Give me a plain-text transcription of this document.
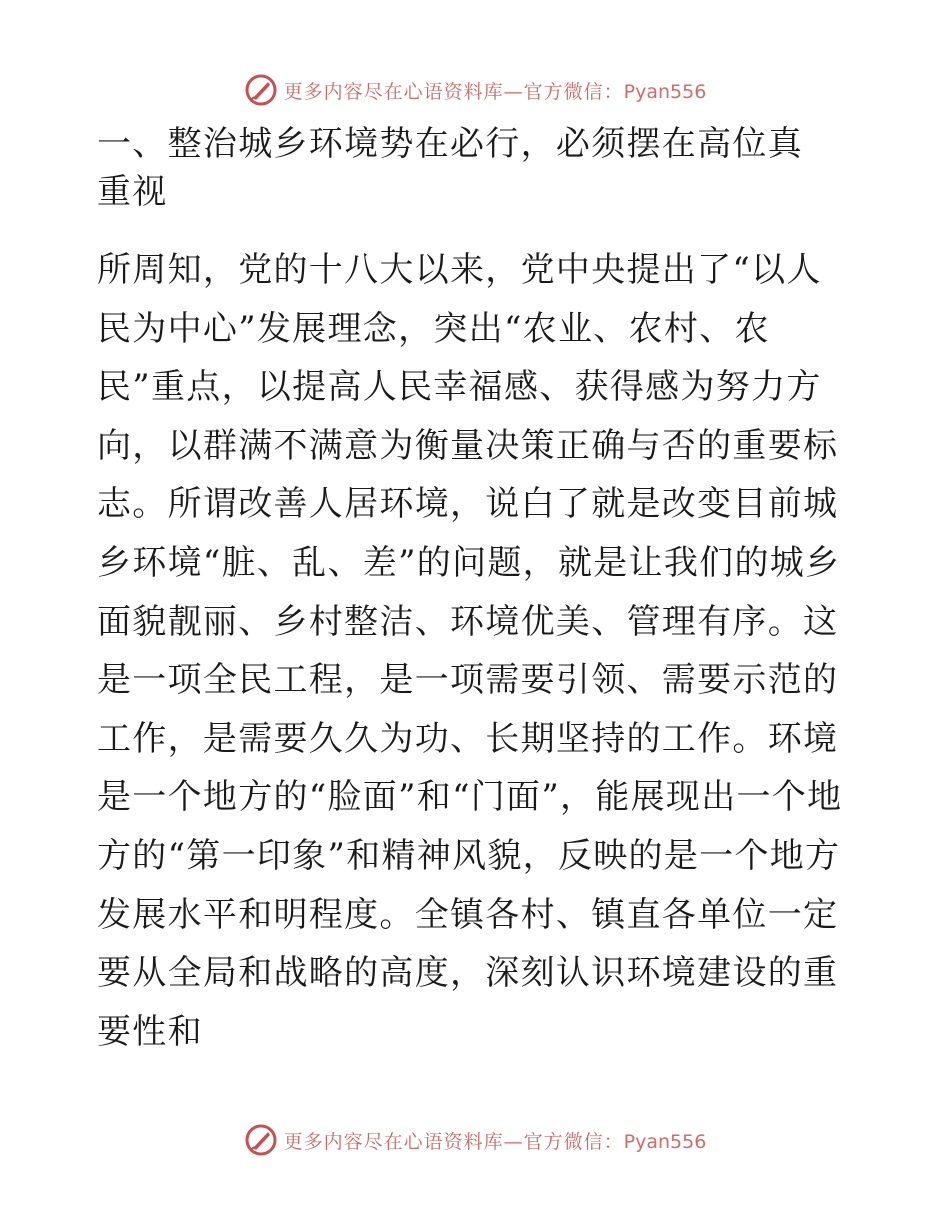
更多内容尽在心语资料库—官方微信：Pyan556
一、整治城乡环境势在必行，必须摆在高位真重视

所周知，党的十八大以来，党中央提出了“以人民为中心”发展理念，突出“农业、农村、农民”重点，以提高人民幸福感、获得感为努力方向，以群满不满意为衡量决策正确与否的重要标志。所谓改善人居环境，说白了就是改变目前城乡环境“脏、乱、差”的问题，就是让我们的城乡面貌靓丽、乡村整洁、环境优美、管理有序。这是一项全民工程，是一项需要引领、需要示范的工作，是需要久久为功、长期坚持的工作。环境是一个地方的“脸面”和“门面”，能展现出一个地方的“第一印象”和精神风貌，反映的是一个地方发展水平和明程度。全镇各村、镇直各单位一定要从全局和战略的高度，深刻认识环境建设的重要性和

更多内容尽在心语资料库—官方微信：Pyan556
